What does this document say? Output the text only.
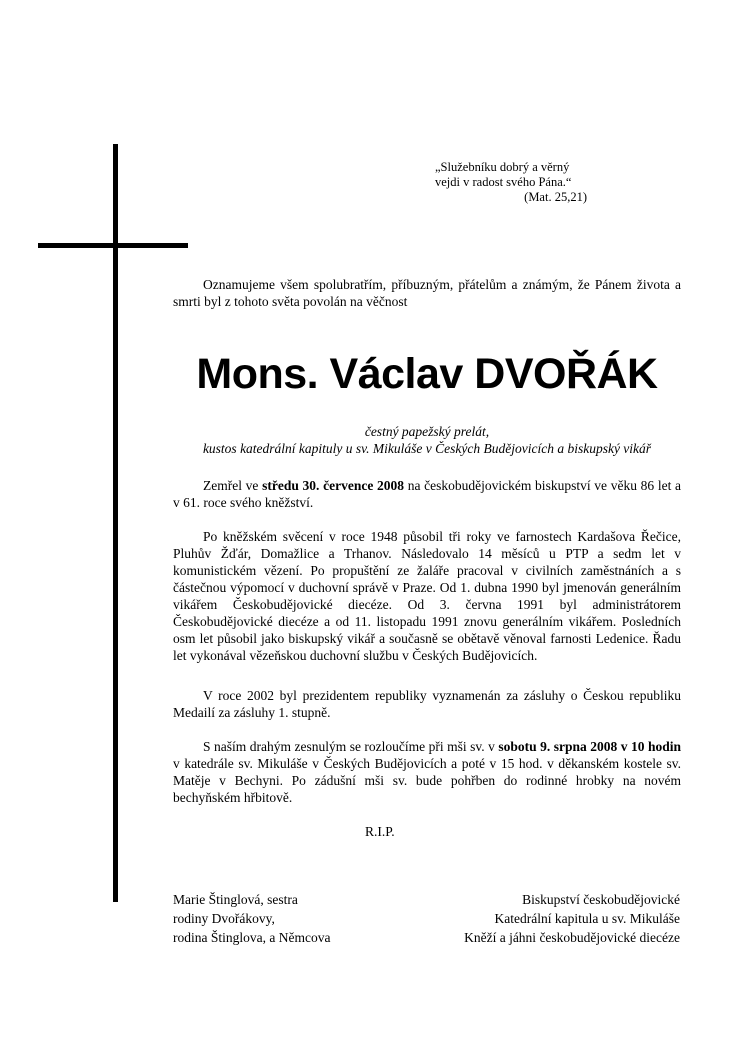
„Služebníku dobrý a věrný
vejdi v radost svého Pána.“
(Mat. 25,21)
Oznamujeme všem spolubratřím, příbuzným, přátelům a známým, že Pánem života a smrti byl z tohoto světa povolán na věčnost
Mons. Václav DVOŘÁK
čestný papežský prelát,
kustos katedrální kapituly u sv. Mikuláše v Českých Budějovicích a biskupský vikář
Zemřel ve středu 30. července 2008 na českobudějovickém biskupství ve věku 86 let a v 61. roce svého kněžství.
Po kněžském svěcení v roce 1948 působil tři roky ve farnostech Kardašova Řečice, Pluhův Žďár, Domažlice a Trhanov. Následovalo 14 měsíců u PTP a sedm let v komunistickém vězení. Po propuštění ze žaláře pracoval v civilních zaměstnáních a s částečnou výpomocí v duchovní správě v Praze. Od 1. dubna 1990 byl jmenován generálním vikářem Českobudějovické diecéze. Od 3. června 1991 byl administrátorem Českobudějovické diecéze a od 11. listopadu 1991 znovu generálním vikářem. Posledních osm let působil jako biskupský vikář a současně se obětavě věnoval farnosti Ledenice. Řadu let vykonával vězeňskou duchovní službu v Českých Budějovicích.
V roce 2002 byl prezidentem republiky vyznamenán za zásluhy o Českou republiku Medailí za zásluhy 1. stupně.
S naším drahým zesnulým se rozloučíme při mši sv. v sobotu 9. srpna 2008 v 10 hodin v katedrále sv. Mikuláše v Českých Budějovicích a poté v 15 hod. v děkanském kostele sv. Matěje v Bechyni. Po zádušní mši sv. bude pohřben do rodinné hrobky na novém bechyňském hřbitově.
R.I.P.
Marie Štinglová, sestra
rodiny Dvořákovy,
rodina Štinglova, a Němcova
Biskupství českobudějovické
Katedrální kapitula u sv. Mikuláše
Kněží a jáhni českobudějovické diecéze
